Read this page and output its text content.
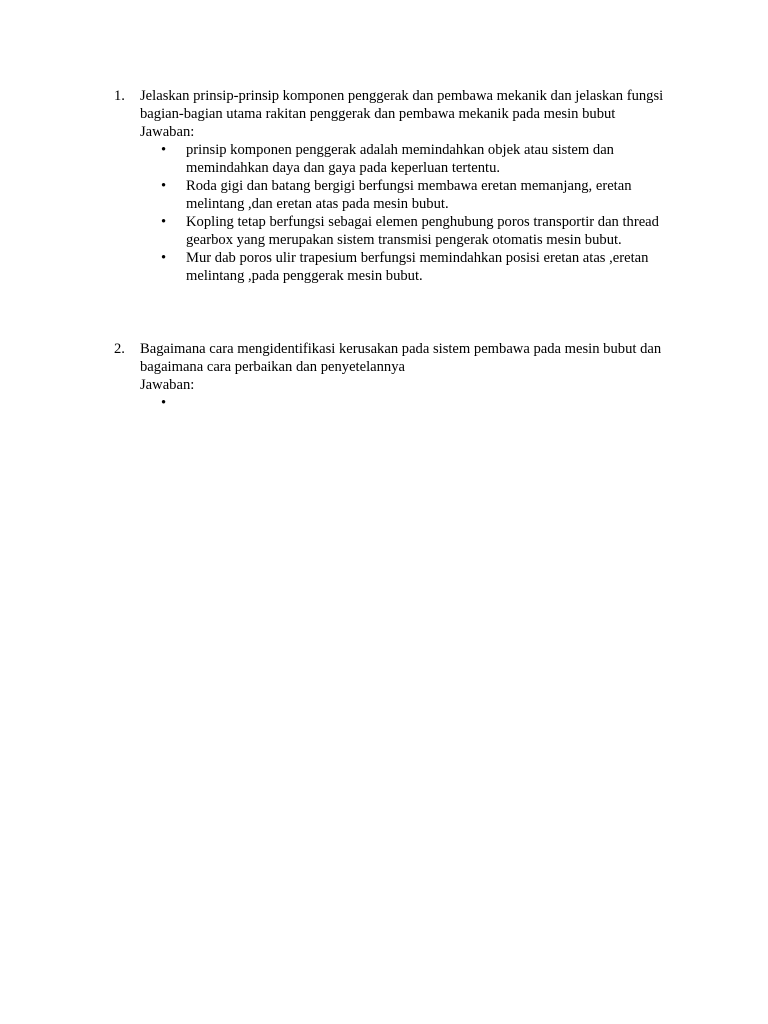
1.	Jelaskan prinsip-prinsip komponen penggerak dan pembawa mekanik dan jelaskan fungsi bagian-bagian utama rakitan penggerak dan pembawa mekanik pada mesin bubut
Jawaban:
• prinsip komponen penggerak adalah memindahkan objek atau sistem dan memindahkan daya dan gaya pada keperluan tertentu.
• Roda gigi dan batang bergigi berfungsi membawa eretan memanjang, eretan melintang ,dan eretan atas pada mesin bubut.
• Kopling tetap berfungsi sebagai elemen penghubung poros transportir dan thread gearbox yang merupakan sistem transmisi pengerak otomatis mesin bubut.
• Mur dab poros ulir trapesium berfungsi memindahkan posisi eretan atas ,eretan melintang ,pada penggerak mesin bubut.
2.	Bagaimana cara mengidentifikasi kerusakan pada sistem pembawa pada mesin bubut dan bagaimana cara perbaikan dan penyetelannya
Jawaban:
•
